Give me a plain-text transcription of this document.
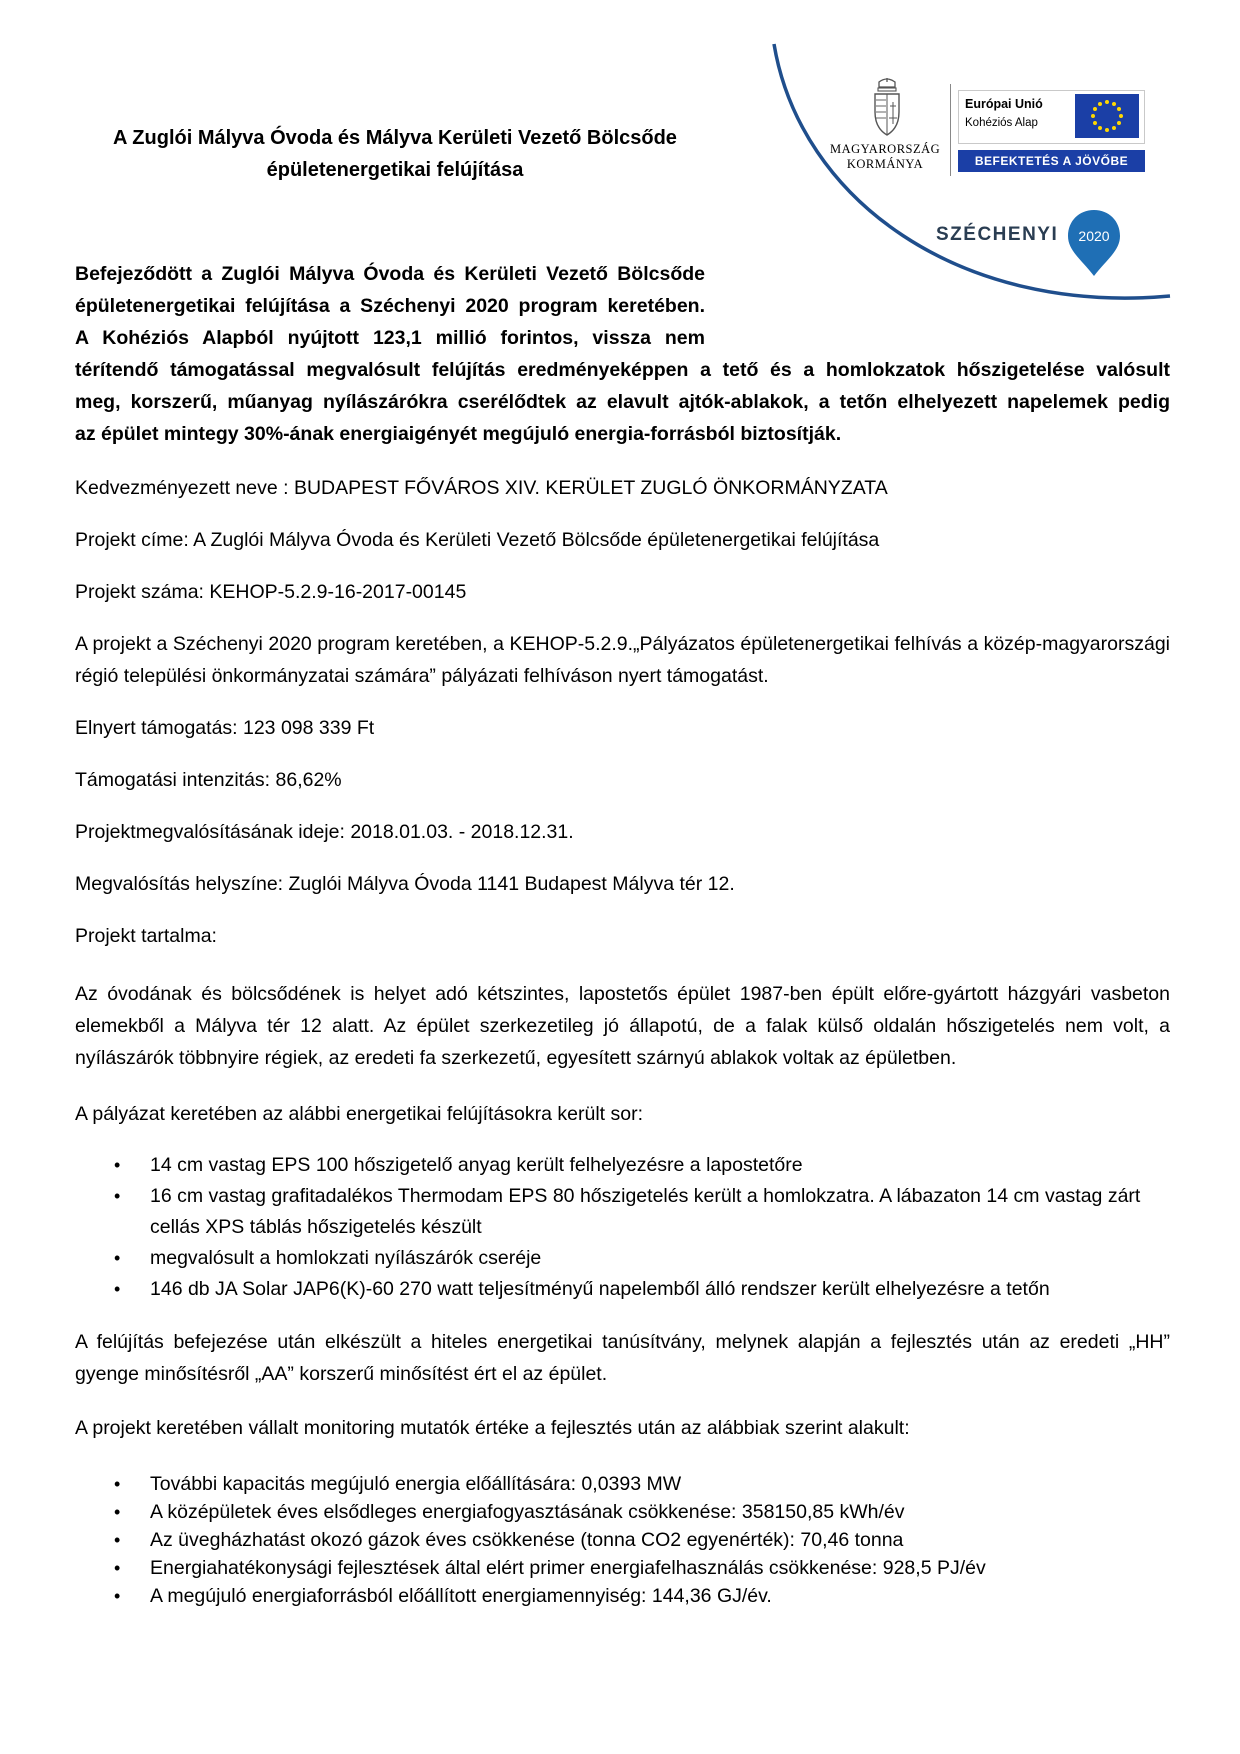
A Zuglói Mályva Óvoda és Mályva Kerületi Vezető Bölcsőde
épületenergetikai felújítása
MAGYARORSZÁG
KORMÁNYA
Európai Unió
Kohéziós Alap
BEFEKTETÉS A JÖVŐBE
SZÉCHENYI 2020
Befejeződött a Zuglói Mályva Óvoda és Kerületi Vezető Bölcsőde
épületenergetikai felújítása a Széchenyi 2020 program keretében.
A Kohéziós Alapból nyújtott 123,1 millió forintos, vissza nem
térítendő támogatással megvalósult felújítás eredményeképpen a tető és a homlokzatok hőszigetelése valósult
meg, korszerű, műanyag nyílászárókra cserélődtek az elavult ajtók-ablakok, a tetőn elhelyezett napelemek pedig
az épület mintegy 30%-ának energiaigényét megújuló energia-forrásból biztosítják.
Kedvezményezett neve : BUDAPEST FŐVÁROS XIV. KERÜLET ZUGLÓ ÖNKORMÁNYZATA
Projekt címe: A Zuglói Mályva Óvoda és Kerületi Vezető Bölcsőde épületenergetikai felújítása
Projekt száma: KEHOP-5.2.9-16-2017-00145
A projekt a Széchenyi 2020 program keretében, a KEHOP-5.2.9.„Pályázatos épületenergetikai felhívás a közép-magyarországi régió települési önkormányzatai számára” pályázati felhíváson nyert támogatást.
Elnyert támogatás: 123 098 339 Ft
Támogatási intenzitás: 86,62%
Projektmegvalósításának ideje: 2018.01.03. - 2018.12.31.
Megvalósítás helyszíne: Zuglói Mályva Óvoda 1141 Budapest Mályva tér 12.
Projekt tartalma:
Az óvodának és bölcsődének is helyet adó kétszintes, lapostetős épület 1987-ben épült előre-gyártott házgyári vasbeton elemekből a Mályva tér 12 alatt. Az épület szerkezetileg jó állapotú, de a falak külső oldalán hőszigetelés nem volt, a nyílászárók többnyire régiek, az eredeti fa szerkezetű, egyesített szárnyú ablakok voltak az épületben.
A pályázat keretében az alábbi energetikai felújításokra került sor:
• 14 cm vastag EPS 100 hőszigetelő anyag került felhelyezésre a lapostetőre
• 16 cm vastag grafitadalékos Thermodam EPS 80 hőszigetelés került a homlokzatra. A lábazaton 14 cm vastag zárt cellás XPS táblás hőszigetelés készült
• megvalósult a homlokzati nyílászárók cseréje
• 146 db JA Solar JAP6(K)-60 270 watt teljesítményű napelemből álló rendszer került elhelyezésre a tetőn
A felújítás befejezése után elkészült a hiteles energetikai tanúsítvány, melynek alapján a fejlesztés után az eredeti „HH” gyenge minősítésről „AA” korszerű minősítést ért el az épület.
A projekt keretében vállalt monitoring mutatók értéke a fejlesztés után az alábbiak szerint alakult:
• További kapacitás megújuló energia előállítására: 0,0393 MW
• A középületek éves elsődleges energiafogyasztásának csökkenése: 358150,85 kWh/év
• Az üvegházhatást okozó gázok éves csökkenése (tonna CO2 egyenérték): 70,46 tonna
• Energiahatékonysági fejlesztések által elért primer energiafelhasználás csökkenése: 928,5 PJ/év
• A megújuló energiaforrásból előállított energiamennyiség: 144,36 GJ/év.
